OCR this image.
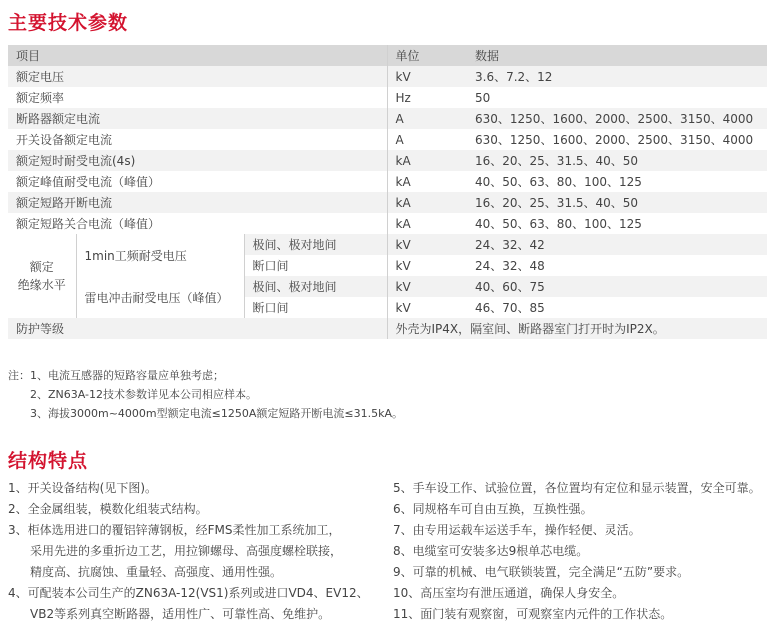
主要技术参数
项目			单位	数据
额定电压			kV	3.6、7.2、12
额定频率			Hz	50
断路器额定电流			A	630、1250、1600、2000、2500、3150、4000
开关设备额定电流			A	630、1250、1600、2000、2500、3150、4000
额定短时耐受电流(4s)			kA	16、20、25、31.5、40、50
额定峰值耐受电流（峰值）			kA	40、50、63、80、100、125
额定短路开断电流			kA	16、20、25、31.5、40、50
额定短路关合电流（峰值）			kA	40、50、63、80、100、125

额定
绝缘水平	1min工频耐受电压	极间、极对地间	kV	24、32、42
		断口间	kV	24、32、48
	雷电冲击耐受电压（峰值）	极间、极对地间	kV	40、60、75
		断口间	kV	46、70、85
防护等级			外壳为IP4X，隔室间、断路器室门打开时为IP2X。	
注：1、电流互感器的短路容量应单独考虑；
2、ZN63A-12技术参数详见本公司相应样本。
3、海拔3000m~4000m型额定电流≤1250A额定短路开断电流≤31.5kA。
结构特点
1、开关设备结构(见下图)。
2、全金属组装，模数化组装式结构。
3、柜体选用进口的覆铝锌薄钢板，经FMS柔性加工系统加工，
采用先进的多重折边工艺，用拉铆螺母、高强度螺栓联接，
精度高、抗腐蚀、重量轻、高强度、通用性强。
4、可配装本公司生产的ZN63A-12(VS1)系列或进口VD4、EV12、
VB2等系列真空断路器，适用性广、可靠性高、免维护。
5、手车设工作、试验位置，各位置均有定位和显示装置，安全可靠。
6、同规格车可自由互换，互换性强。
7、由专用运载车运送手车，操作轻便、灵活。
8、电缆室可安装多达9根单芯电缆。
9、可靠的机械、电气联锁装置，完全满足“五防”要求。
10、高压室均有泄压通道，确保人身安全。
11、面门装有观察窗，可观察室内元件的工作状态。
